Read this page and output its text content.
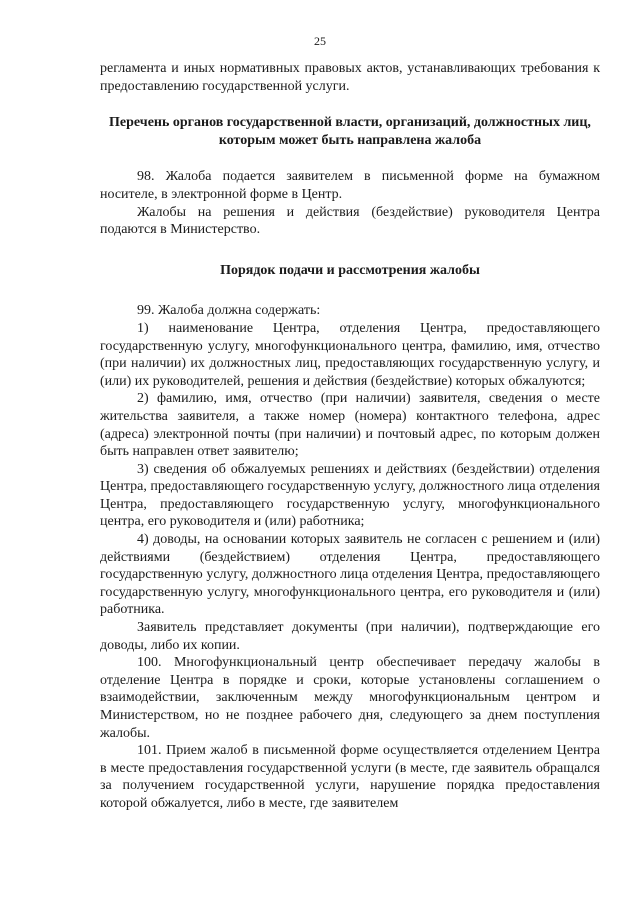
25
регламента и иных нормативных правовых актов, устанавливающих требования к предоставлению государственной услуги.
Перечень органов государственной власти, организаций, должностных лиц, которым может быть направлена жалоба
98. Жалоба подается заявителем в письменной форме на бумажном носителе, в электронной форме в Центр.
Жалобы на решения и действия (бездействие) руководителя Центра подаются в Министерство.
Порядок подачи и рассмотрения жалобы
99. Жалоба должна содержать:
1) наименование Центра, отделения Центра, предоставляющего государственную услугу, многофункционального центра, фамилию, имя, отчество (при наличии) их должностных лиц, предоставляющих государственную услугу, и (или) их руководителей, решения и действия (бездействие) которых обжалуются;
2) фамилию, имя, отчество (при наличии) заявителя, сведения о месте жительства заявителя, а также номер (номера) контактного телефона, адрес (адреса) электронной почты (при наличии) и почтовый адрес, по которым должен быть направлен ответ заявителю;
3) сведения об обжалуемых решениях и действиях (бездействии) отделения Центра, предоставляющего государственную услугу, должностного лица отделения Центра, предоставляющего государственную услугу, многофункционального центра, его руководителя и (или) работника;
4) доводы, на основании которых заявитель не согласен с решением и (или) действиями (бездействием) отделения Центра, предоставляющего государственную услугу, должностного лица отделения Центра, предоставляющего государственную услугу, многофункционального центра, его руководителя и (или) работника.
Заявитель представляет документы (при наличии), подтверждающие его доводы, либо их копии.
100. Многофункциональный центр обеспечивает передачу жалобы в отделение Центра в порядке и сроки, которые установлены соглашением о взаимодействии, заключенным между многофункциональным центром и Министерством, но не позднее рабочего дня, следующего за днем поступления жалобы.
101. Прием жалоб в письменной форме осуществляется отделением Центра в месте предоставления государственной услуги (в месте, где заявитель обращался за получением государственной услуги, нарушение порядка предоставления которой обжалуется, либо в месте, где заявителем
